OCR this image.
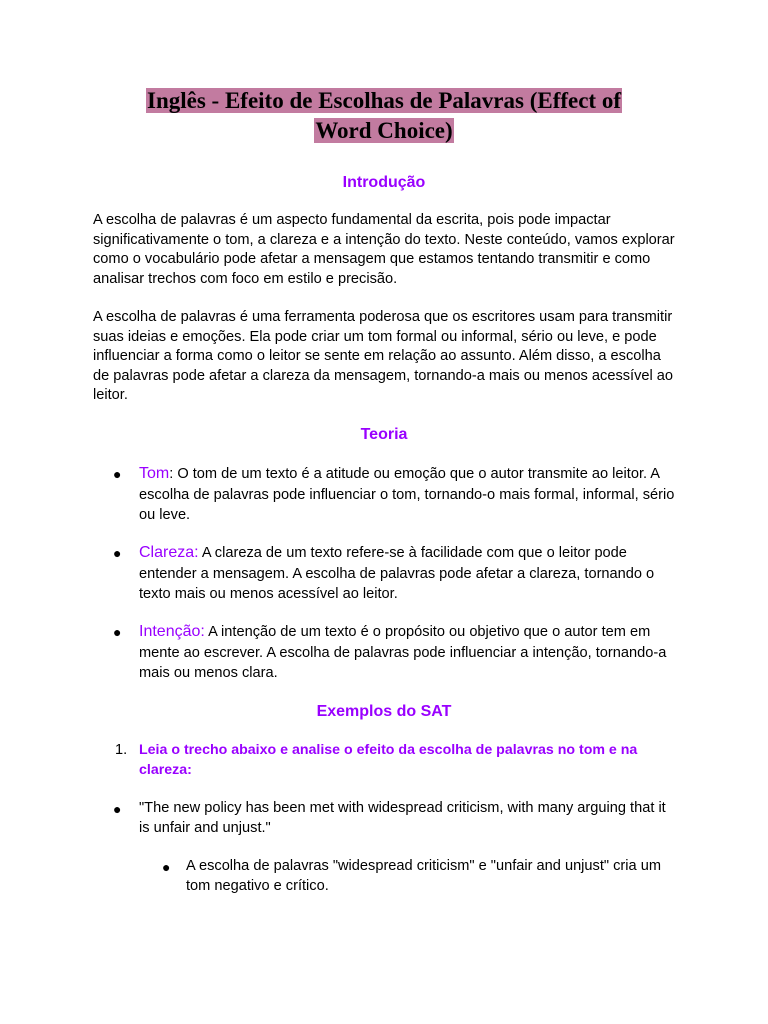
Inglês - Efeito de Escolhas de Palavras (Effect of
Word Choice)
Introdução

A escolha de palavras é um aspecto fundamental da escrita, pois pode impactar significativamente o tom, a clareza e a intenção do texto. Neste conteúdo, vamos explorar como o vocabulário pode afetar a mensagem que estamos tentando transmitir e como analisar trechos com foco em estilo e precisão.

A escolha de palavras é uma ferramenta poderosa que os escritores usam para transmitir suas ideias e emoções. Ela pode criar um tom formal ou informal, sério ou leve, e pode influenciar a forma como o leitor se sente em relação ao assunto. Além disso, a escolha de palavras pode afetar a clareza da mensagem, tornando-a mais ou menos acessível ao leitor.

Teoria
● Tom: O tom de um texto é a atitude ou emoção que o autor transmite ao leitor. A escolha de palavras pode influenciar o tom, tornando-o mais formal, informal, sério ou leve.
● Clareza: A clareza de um texto refere-se à facilidade com que o leitor pode entender a mensagem. A escolha de palavras pode afetar a clareza, tornando o texto mais ou menos acessível ao leitor.
● Intenção: A intenção de um texto é o propósito ou objetivo que o autor tem em mente ao escrever. A escolha de palavras pode influenciar a intenção, tornando-a mais ou menos clara.
Exemplos do SAT
1. Leia o trecho abaixo e analise o efeito da escolha de palavras no tom e na clareza:
● "The new policy has been met with widespread criticism, with many arguing that it is unfair and unjust."
● A escolha de palavras "widespread criticism" e "unfair and unjust" cria um tom negativo e crítico.
